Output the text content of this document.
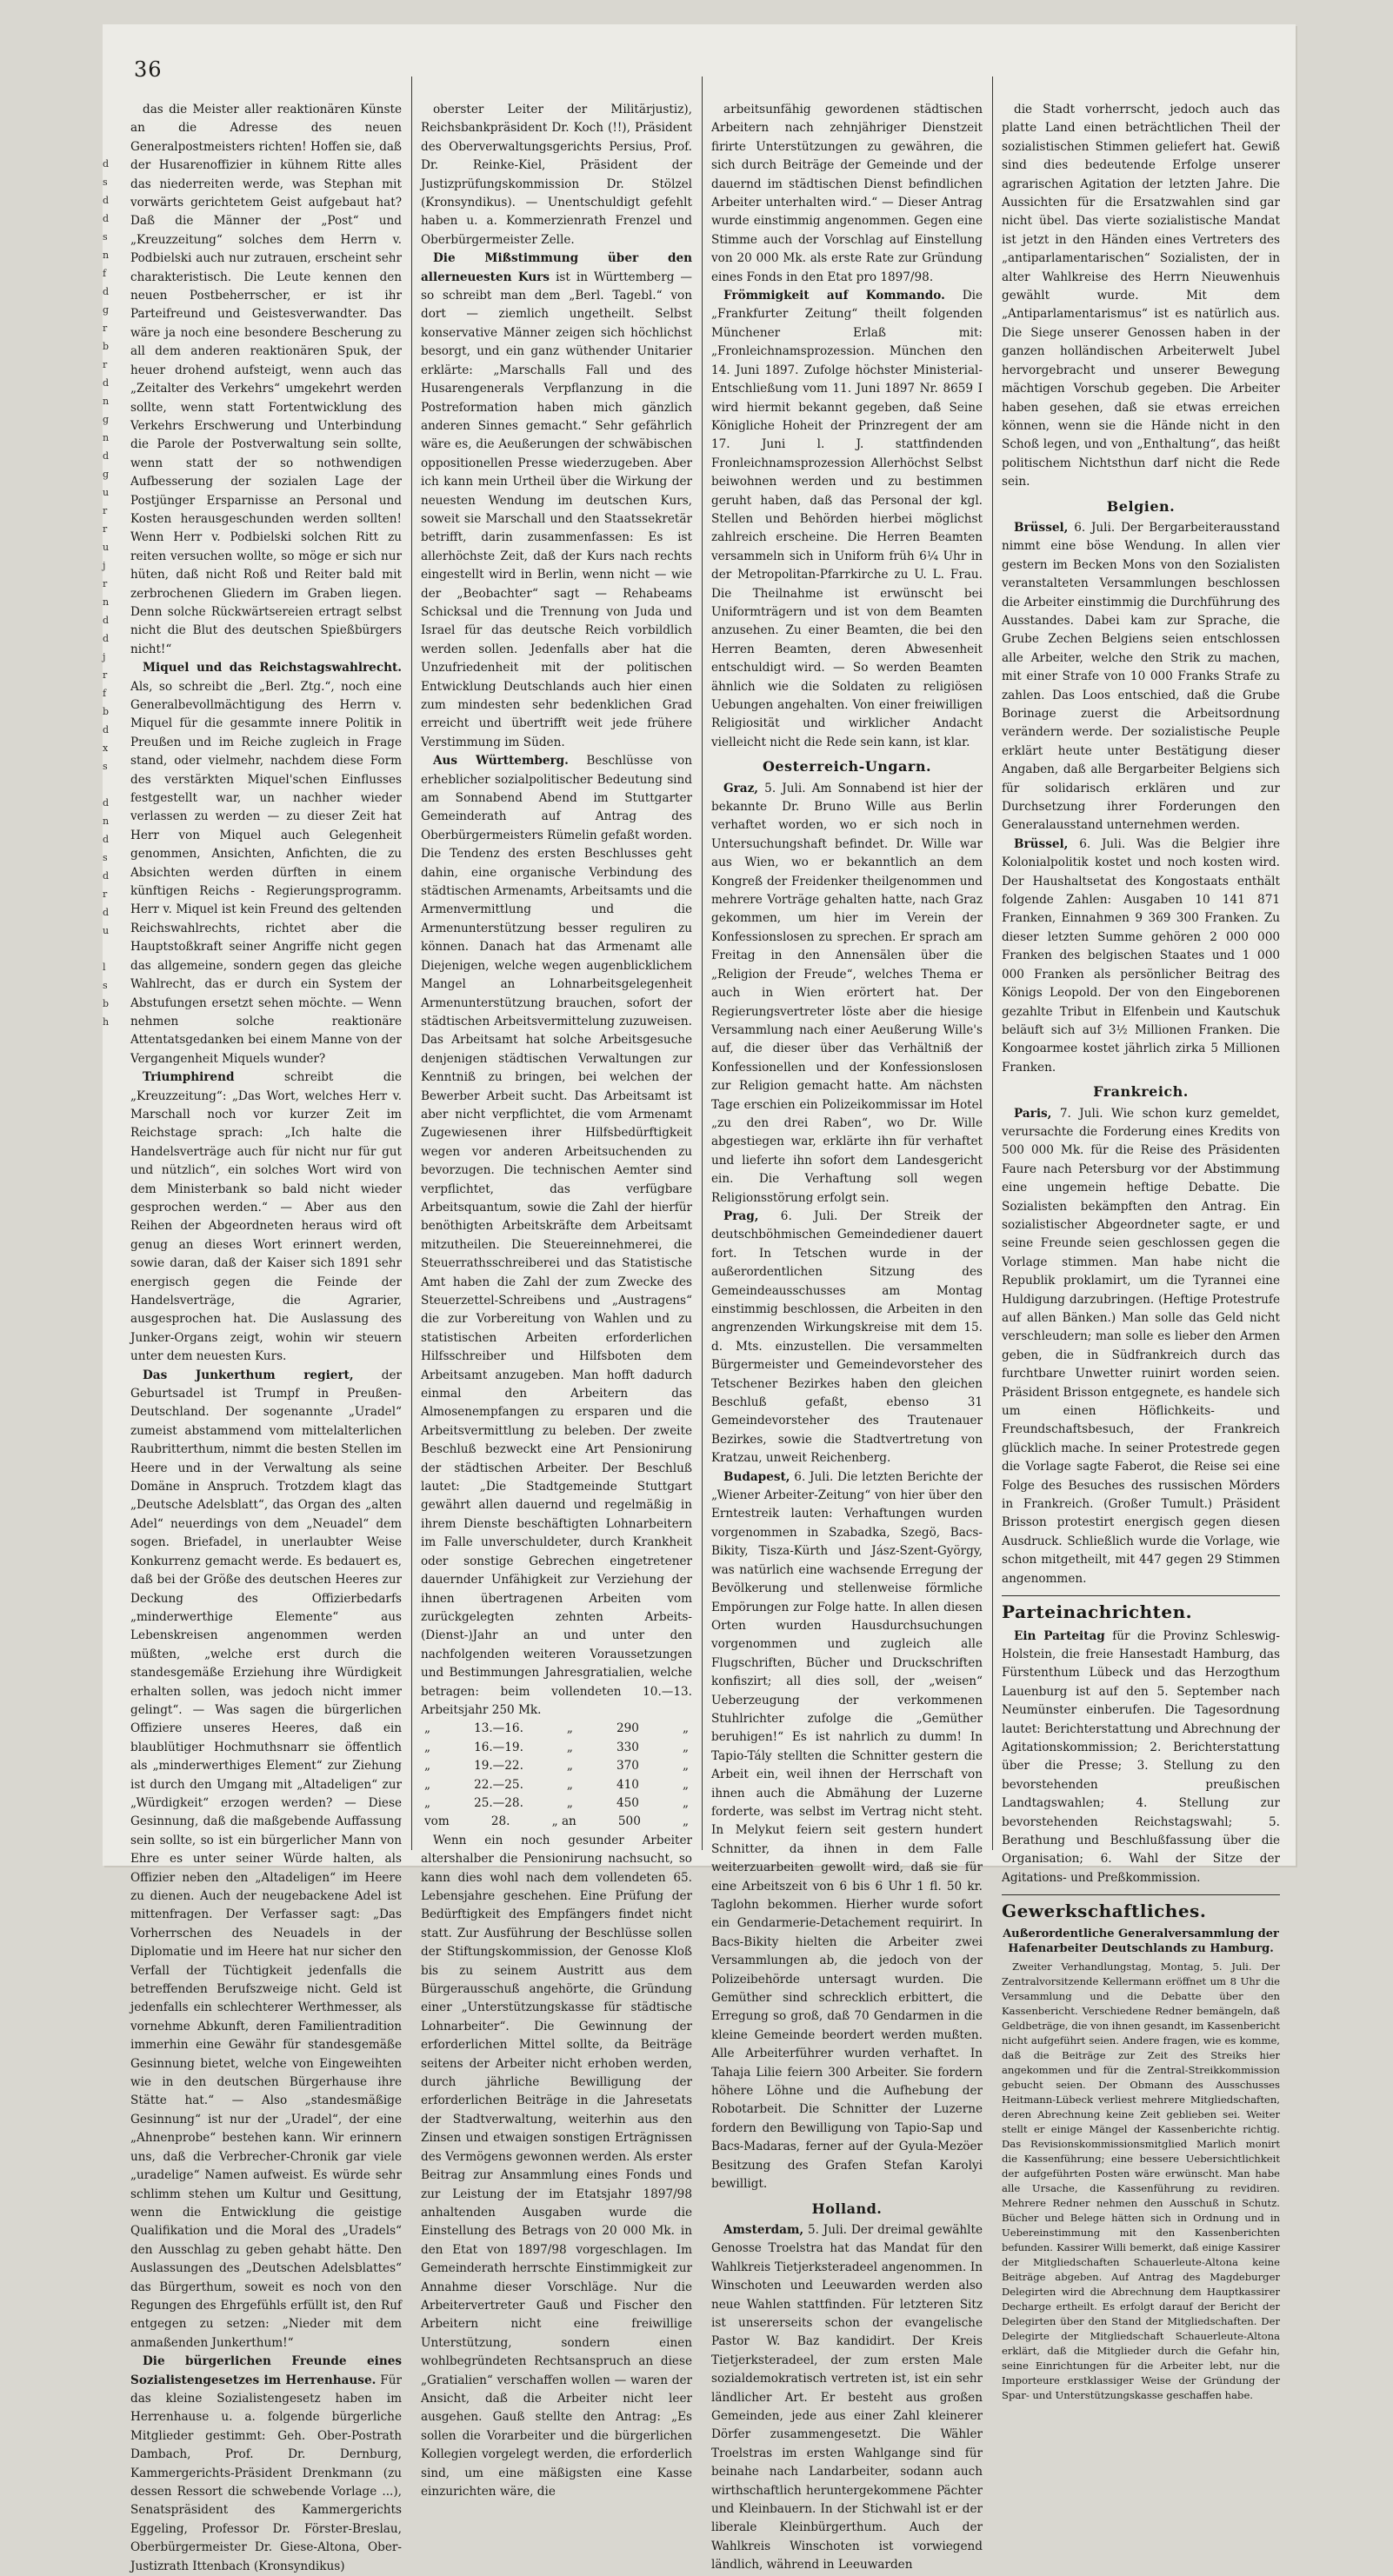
d
s
d
d
s
n
f
d
g
r
b
r
d
n
g
n
d
g
u
r
r
u
j
r
n
d
d
j
r
f
b
d
x
s

d
n
d
s
d
r
d
u

l
s
b
h
36

das die Meister aller reaktionären Künste an die Adresse des neuen Generalpostmeisters richten! Hoffen sie, daß der Husarenoffizier in kühnem Ritte alles das niederreiten werde, was Stephan mit vorwärts gerichtetem Geist aufgebaut hat? Daß die Männer der „Post“ und „Kreuzzeitung“ solches dem Herrn v. Podbielski auch nur zutrauen, erscheint sehr charakteristisch. Die Leute kennen den neuen Postbeherrscher, er ist ihr Parteifreund und Geistesverwandter. Das wäre ja noch eine besondere Bescherung zu all dem anderen reaktionären Spuk, der heuer drohend aufsteigt, wenn auch das „Zeitalter des Verkehrs“ umgekehrt werden sollte, wenn statt Fortentwicklung des Verkehrs Erschwerung und Unterbindung die Parole der Postverwaltung sein sollte, wenn statt der so nothwendigen Aufbesserung der sozialen Lage der Postjünger Ersparnisse an Personal und Kosten herausgeschunden werden sollten! Wenn Herr v. Podbielski solchen Ritt zu reiten versuchen wollte, so möge er sich nur hüten, daß nicht Roß und Reiter bald mit zerbrochenen Gliedern im Graben liegen. Denn solche Rückwärtsereien ertragt selbst nicht die Blut des deutschen Spießbürgers nicht!“

Miquel und das Reichstagswahlrecht. Als, so schreibt die „Berl. Ztg.“, noch eine Generalbevollmächtigung des Herrn v. Miquel für die gesammte innere Politik in Preußen und im Reiche zugleich in Frage stand, oder vielmehr, nachdem diese Form des verstärkten Miquel'schen Einflusses festgestellt war, un nachher wieder verlassen zu werden — zu dieser Zeit hat Herr von Miquel auch Gelegenheit genommen, Ansichten, Anfichten, die zu Absichten werden dürften in einem künftigen Reichs - Regierungsprogramm. Herr v. Miquel ist kein Freund des geltenden Reichswahlrechts, richtet aber die Hauptstoßkraft seiner Angriffe nicht gegen das allgemeine, sondern gegen das gleiche Wahlrecht, das er durch ein System der Abstufungen ersetzt sehen möchte. — Wenn nehmen solche reaktionäre Attentatsgedanken bei einem Manne von der Vergangenheit Miquels wunder?

Triumphirend schreibt die „Kreuzzeitung“: „Das Wort, welches Herr v. Marschall noch vor kurzer Zeit im Reichstage sprach: „Ich halte die Handelsverträge auch für nicht nur für gut und nützlich“, ein solches Wort wird von dem Ministerbank so bald nicht wieder gesprochen werden.“ — Aber aus den Reihen der Abgeordneten heraus wird oft genug an dieses Wort erinnert werden, sowie daran, daß der Kaiser sich 1891 sehr energisch gegen die Feinde der Handelsverträge, die Agrarier, ausgesprochen hat. Die Auslassung des Junker-Organs zeigt, wohin wir steuern unter dem neuesten Kurs.

Das Junkerthum regiert, der Geburtsadel ist Trumpf in Preußen-Deutschland. Der sogenannte „Uradel“ zumeist abstammend vom mittelalterlichen Raubritterthum, nimmt die besten Stellen im Heere und in der Verwaltung als seine Domäne in Anspruch. Trotzdem klagt das „Deutsche Adelsblatt“, das Organ des „alten Adel“ neuerdings von dem „Neuadel“ dem sogen. Briefadel, in unerlaubter Weise Konkurrenz gemacht werde. Es bedauert es, daß bei der Größe des deutschen Heeres zur Deckung des Offizierbedarfs „minderwerthige Elemente“ aus Lebenskreisen angenommen werden müßten, „welche erst durch die standesgemäße Erziehung ihre Würdigkeit erhalten sollen, was jedoch nicht immer gelingt“. — Was sagen die bürgerlichen Offiziere unseres Heeres, daß ein blaublütiger Hochmuthsnarr sie öffentlich als „minderwerthiges Element“ zur Ziehung ist durch den Umgang mit „Altadeligen“ zur „Würdigkeit“ erzogen werden? — Diese Gesinnung, daß die maßgebende Auffassung sein sollte, so ist ein bürgerlicher Mann von Ehre es unter seiner Würde halten, als Offizier neben den „Altadeligen“ im Heere zu dienen. Auch der neugebackene Adel ist mittenfragen. Der Verfasser sagt: „Das Vorherrschen des Neuadels in der Diplomatie und im Heere hat nur sicher den Verfall der Tüchtigkeit jedenfalls die betreffenden Berufszweige nicht. Geld ist jedenfalls ein schlechterer Werthmesser, als vornehme Abkunft, deren Familientradition immerhin eine Gewähr für standesgemäße Gesinnung bietet, welche von Eingeweihten wie in den deutschen Bürgerhause ihre Stätte hat.“ — Also „standesmäßige Gesinnung“ ist nur der „Uradel“, der eine „Ahnenprobe“ bestehen kann. Wir erinnern uns, daß die Verbrecher-Chronik gar viele „uradelige“ Namen aufweist. Es würde sehr schlimm stehen um Kultur und Gesittung, wenn die Entwicklung die geistige Qualifikation und die Moral des „Uradels“ den Ausschlag zu geben gehabt hätte. Den Auslassungen des „Deutschen Adelsblattes“ das Bürgerthum, soweit es noch von den Regungen des Ehrgefühls erfüllt ist, den Ruf entgegen zu setzen: „Nieder mit dem anmaßenden Junkerthum!“

Die bürgerlichen Freunde eines Sozialistengesetzes im Herrenhause. Für das kleine Sozialistengesetz haben im Herrenhause u. a. folgende bürgerliche Mitglieder gestimmt: Geh. Ober-Postrath Dambach, Prof. Dr. Dernburg, Kammergerichts-Präsident Drenkmann (zu dessen Ressort die schwebende Vorlage ...), Senatspräsident des Kammergerichts Eggeling, Professor Dr. Förster-Breslau, Oberbürgermeister Dr. Giese-Altona, Ober-Justizrath Ittenbach (Kronsyndikus)

oberster Leiter der Militärjustiz), Reichsbankpräsident Dr. Koch (!!), Präsident des Oberverwaltungsgerichts Persius, Prof. Dr. Reinke-Kiel, Präsident der Justizprüfungskommission Dr. Stölzel (Kronsyndikus). — Unentschuldigt gefehlt haben u. a. Kommerzienrath Frenzel und Oberbürgermeister Zelle.

Die Mißstimmung über den allerneuesten Kurs ist in Württemberg — so schreibt man dem „Berl. Tagebl.“ von dort — ziemlich ungetheilt. Selbst konservative Männer zeigen sich höchlichst besorgt, und ein ganz wüthender Unitarier erklärte: „Marschalls Fall und des Husarengenerals Verpflanzung in die Postreformation haben mich gänzlich anderen Sinnes gemacht.“ Sehr gefährlich wäre es, die Aeußerungen der schwäbischen oppositionellen Presse wiederzugeben. Aber ich kann mein Urtheil über die Wirkung der neuesten Wendung im deutschen Kurs, soweit sie Marschall und den Staatssekretär betrifft, darin zusammenfassen: Es ist allerhöchste Zeit, daß der Kurs nach rechts eingestellt wird in Berlin, wenn nicht — wie der „Beobachter“ sagt — Rehabeams Schicksal und die Trennung von Juda und Israel für das deutsche Reich vorbildlich werden sollen. Jedenfalls aber hat die Unzufriedenheit mit der politischen Entwicklung Deutschlands auch hier einen zum mindesten sehr bedenklichen Grad erreicht und übertrifft weit jede frühere Verstimmung im Süden.

Aus Württemberg. Beschlüsse von erheblicher sozialpolitischer Bedeutung sind am Sonnabend Abend im Stuttgarter Gemeinderath auf Antrag des Oberbürgermeisters Rümelin gefaßt worden. Die Tendenz des ersten Beschlusses geht dahin, eine organische Verbindung des städtischen Armenamts, Arbeitsamts und die Armenvermittlung und die Armenunterstützung besser reguliren zu können. Danach hat das Armenamt alle Diejenigen, welche wegen augenblicklichem Mangel an Lohnarbeitsgelegenheit Armenunterstützung brauchen, sofort der städtischen Arbeitsvermittelung zuzuweisen. Das Arbeitsamt hat solche Arbeitsgesuche denjenigen städtischen Verwaltungen zur Kenntniß zu bringen, bei welchen der Bewerber Arbeit sucht. Das Arbeitsamt ist aber nicht verpflichtet, die vom Armenamt Zugewiesenen ihrer Hilfsbedürftigkeit wegen vor anderen Arbeitsuchenden zu bevorzugen. Die technischen Aemter sind verpflichtet, das verfügbare Arbeitsquantum, sowie die Zahl der hierfür benöthigten Arbeitskräfte dem Arbeitsamt mitzutheilen. Die Steuereinnehmerei, die Steuerrathsschreiberei und das Statistische Amt haben die Zahl der zum Zwecke des Steuerzettel-Schreibens und „Austragens“ die zur Vorbereitung von Wahlen und zu statistischen Arbeiten erforderlichen Hilfsschreiber und Hilfsboten dem Arbeitsamt anzugeben. Man hofft dadurch einmal den Arbeitern das Almosenempfangen zu ersparen und die Arbeitsvermittlung zu beleben. Der zweite Beschluß bezweckt eine Art Pensionirung der städtischen Arbeiter. Der Beschluß lautet: „Die Stadtgemeinde Stuttgart gewährt allen dauernd und regelmäßig in ihrem Dienste beschäftigten Lohnarbeitern im Falle unverschuldeter, durch Krankheit oder sonstige Gebrechen eingetretener dauernder Unfähigkeit zur Verziehung der ihnen übertragenen Arbeiten vom zurückgelegten zehnten Arbeits-(Dienst-)Jahr an und unter den nachfolgenden weiteren Voraussetzungen und Bestimmungen Jahresgratialien, welche betragen: beim vollendeten 10.—13. Arbeitsjahr 250 Mk.

„	13.—16.	„	290	„
„	16.—19.	„	330	„
„	19.—22.	„	370	„
„	22.—25.	„	410	„
„	25.—28.	„	450	„
vom	28.	„ an	500	„

Wenn ein noch gesunder Arbeiter altershalber die Pensionirung nachsucht, so kann dies wohl nach dem vollendeten 65. Lebensjahre geschehen. Eine Prüfung der Bedürftigkeit des Empfängers findet nicht statt. Zur Ausführung der Beschlüsse sollen der Stiftungskommission, der Genosse Kloß bis zu seinem Austritt aus dem Bürgerausschuß angehörte, die Gründung einer „Unterstützungskasse für städtische Lohnarbeiter“. Die Gewinnung der erforderlichen Mittel sollte, da Beiträge seitens der Arbeiter nicht erhoben werden, durch jährliche Bewilligung der erforderlichen Beiträge in die Jahresetats der Stadtverwaltung, weiterhin aus den Zinsen und etwaigen sonstigen Erträgnissen des Vermögens gewonnen werden. Als erster Beitrag zur Ansammlung eines Fonds und zur Leistung der im Etatsjahr 1897/98 anhaltenden Ausgaben wurde die Einstellung des Betrags von 20 000 Mk. in den Etat von 1897/98 vorgeschlagen. Im Gemeinderath herrschte Einstimmigkeit zur Annahme dieser Vorschläge. Nur die Arbeitervertreter Gauß und Fischer den Arbeitern nicht eine freiwillige Unterstützung, sondern einen wohlbegründeten Rechtsanspruch an diese „Gratialien“ verschaffen wollen — waren der Ansicht, daß die Arbeiter nicht leer ausgehen. Gauß stellte den Antrag: „Es sollen die Vorarbeiter und die bürgerlichen Kollegien vorgelegt werden, die erforderlich sind, um eine mäßigsten eine Kasse einzurichten wäre, die

arbeitsunfähig gewordenen städtischen Arbeitern nach zehnjähriger Dienstzeit firirte Unterstützungen zu gewähren, die sich durch Beiträge der Gemeinde und der dauernd im städtischen Dienst befindlichen Arbeiter unterhalten wird.“ — Dieser Antrag wurde einstimmig angenommen. Gegen eine Stimme auch der Vorschlag auf Einstellung von 20 000 Mk. als erste Rate zur Gründung eines Fonds in den Etat pro 1897/98.

Frömmigkeit auf Kommando. Die „Frankfurter Zeitung“ theilt folgenden Münchener Erlaß mit: „Fronleichnamsprozession. München den 14. Juni 1897. Zufolge höchster Ministerial-Entschließung vom 11. Juni 1897 Nr. 8659 I wird hiermit bekannt gegeben, daß Seine Königliche Hoheit der Prinzregent der am 17. Juni l. J. stattfindenden Fronleichnamsprozession Allerhöchst Selbst beiwohnen werden und zu bestimmen geruht haben, daß das Personal der kgl. Stellen und Behörden hierbei möglichst zahlreich erscheine. Die Herren Beamten versammeln sich in Uniform früh 6¼ Uhr in der Metropolitan-Pfarrkirche zu U. L. Frau. Die Theilnahme ist erwünscht bei Uniformträgern und ist von dem Beamten anzusehen. Zu einer Beamten, die bei den Herren Beamten, deren Abwesenheit entschuldigt wird. — So werden Beamten ähnlich wie die Soldaten zu religiösen Uebungen angehalten. Von einer freiwilligen Religiosität und wirklicher Andacht vielleicht nicht die Rede sein kann, ist klar.

Oesterreich-Ungarn.

Graz, 5. Juli. Am Sonnabend ist hier der bekannte Dr. Bruno Wille aus Berlin verhaftet worden, wo er sich noch in Untersuchungshaft befindet. Dr. Wille war aus Wien, wo er bekanntlich an dem Kongreß der Freidenker theilgenommen und mehrere Vorträge gehalten hatte, nach Graz gekommen, um hier im Verein der Konfessionslosen zu sprechen. Er sprach am Freitag in den Annensälen über die „Religion der Freude“, welches Thema er auch in Wien erörtert hat. Der Regierungsvertreter löste aber die hiesige Versammlung nach einer Aeußerung Wille's auf, die dieser über das Verhältniß der Konfessionellen und der Konfessionslosen zur Religion gemacht hatte. Am nächsten Tage erschien ein Polizeikommissar im Hotel „zu den drei Raben“, wo Dr. Wille abgestiegen war, erklärte ihn für verhaftet und lieferte ihn sofort dem Landesgericht ein. Die Verhaftung soll wegen Religionsstörung erfolgt sein.

Prag, 6. Juli. Der Streik der deutschböhmischen Gemeindediener dauert fort. In Tetschen wurde in der außerordentlichen Sitzung des Gemeindeausschusses am Montag einstimmig beschlossen, die Arbeiten in den angrenzenden Wirkungskreise mit dem 15. d. Mts. einzustellen. Die versammelten Bürgermeister und Gemeindevorsteher des Tetschener Bezirkes haben den gleichen Beschluß gefaßt, ebenso 31 Gemeindevorsteher des Trautenauer Bezirkes, sowie die Stadtvertretung von Kratzau, unweit Reichenberg.

Budapest, 6. Juli. Die letzten Berichte der „Wiener Arbeiter-Zeitung“ von hier über den Erntestreik lauten: Verhaftungen wurden vorgenommen in Szabadka, Szegö, Bacs-Bikity, Tisza-Kürth und Jász-Szent-György, was natürlich eine wachsende Erregung der Bevölkerung und stellenweise förmliche Empörungen zur Folge hatte. In allen diesen Orten wurden Hausdurchsuchungen vorgenommen und zugleich alle Flugschriften, Bücher und Druckschriften konfiszirt; all dies soll, der „weisen“ Ueberzeugung der verkommenen Stuhlrichter zufolge die „Gemüther beruhigen!“ Es ist nahrlich zu dumm! In Tapio-Tály stellten die Schnitter gestern die Arbeit ein, weil ihnen der Herrschaft von ihnen auch die Abmähung der Luzerne forderte, was selbst im Vertrag nicht steht. In Melykut feiern seit gestern hundert Schnitter, da ihnen in dem Falle weiterzuarbeiten gewollt wird, daß sie für eine Arbeitszeit von 6 bis 6 Uhr 1 fl. 50 kr. Taglohn bekommen. Hierher wurde sofort ein Gendarmerie-Detachement requirirt. In Bacs-Bikity hielten die Arbeiter zwei Versammlungen ab, die jedoch von der Polizeibehörde untersagt wurden. Die Gemüther sind schrecklich erbittert, die Erregung so groß, daß 70 Gendarmen in die kleine Gemeinde beordert werden mußten. Alle Arbeiterführer wurden verhaftet. In Tahaja Lilie feiern 300 Arbeiter. Sie fordern höhere Löhne und die Aufhebung der Robotarbeit. Die Schnitter der Luzerne fordern den Bewilligung von Tapio-Sap und Bacs-Madaras, ferner auf der Gyula-Mezöer Besitzung des Grafen Stefan Karolyi bewilligt.

Holland.

Amsterdam, 5. Juli. Der dreimal gewählte Genosse Troelstra hat das Mandat für den Wahlkreis Tietjerksteradeel angenommen. In Winschoten und Leeuwarden werden also neue Wahlen stattfinden. Für letzteren Sitz ist unsererseits schon der evangelische Pastor W. Baz kandidirt. Der Kreis Tietjerksteradeel, der zum ersten Male sozialdemokratisch vertreten ist, ist ein sehr ländlicher Art. Er besteht aus großen Gemeinden, jede aus einer Zahl kleinerer Dörfer zusammengesetzt. Die Wähler Troelstras im ersten Wahlgange sind für beinahe nach Landarbeiter, sodann auch wirthschaftlich heruntergekommene Pächter und Kleinbauern. In der Stichwahl ist er der liberale Kleinbürgerthum. Auch der Wahlkreis Winschoten ist vorwiegend ländlich, während in Leeuwarden

die Stadt vorherrscht, jedoch auch das platte Land einen beträchtlichen Theil der sozialistischen Stimmen geliefert hat. Gewiß sind dies bedeutende Erfolge unserer agrarischen Agitation der letzten Jahre. Die Aussichten für die Ersatzwahlen sind gar nicht übel. Das vierte sozialistische Mandat ist jetzt in den Händen eines Vertreters des „antiparlamentarischen“ Sozialisten, der in alter Wahlkreise des Herrn Nieuwenhuis gewählt wurde. Mit dem „Antiparlamentarismus“ ist es natürlich aus. Die Siege unserer Genossen haben in der ganzen holländischen Arbeiterwelt Jubel hervorgebracht und unserer Bewegung mächtigen Vorschub gegeben. Die Arbeiter haben gesehen, daß sie etwas erreichen können, wenn sie die Hände nicht in den Schoß legen, und von „Enthaltung“, das heißt politischem Nichtsthun darf nicht die Rede sein.

Belgien.

Brüssel, 6. Juli. Der Bergarbeiterausstand nimmt eine böse Wendung. In allen vier gestern im Becken Mons von den Sozialisten veranstalteten Versammlungen beschlossen die Arbeiter einstimmig die Durchführung des Ausstandes. Dabei kam zur Sprache, die Grube Zechen Belgiens seien entschlossen alle Arbeiter, welche den Strik zu machen, mit einer Strafe von 10 000 Franks Strafe zu zahlen. Das Loos entschied, daß die Grube Borinage zuerst die Arbeitsordnung verändern werde. Der sozialistische Peuple erklärt heute unter Bestätigung dieser Angaben, daß alle Bergarbeiter Belgiens sich für solidarisch erklären und zur Durchsetzung ihrer Forderungen den Generalausstand unternehmen werden.

Brüssel, 6. Juli. Was die Belgier ihre Kolonialpolitik kostet und noch kosten wird. Der Haushaltsetat des Kongostaats enthält folgende Zahlen: Ausgaben 10 141 871 Franken, Einnahmen 9 369 300 Franken. Zu dieser letzten Summe gehören 2 000 000 Franken des belgischen Staates und 1 000 000 Franken als persönlicher Beitrag des Königs Leopold. Der von den Eingeborenen gezahlte Tribut in Elfenbein und Kautschuk beläuft sich auf 3½ Millionen Franken. Die Kongoarmee kostet jährlich zirka 5 Millionen Franken.

Frankreich.

Paris, 7. Juli. Wie schon kurz gemeldet, verursachte die Forderung eines Kredits von 500 000 Mk. für die Reise des Präsidenten Faure nach Petersburg vor der Abstimmung eine ungemein heftige Debatte. Die Sozialisten bekämpften den Antrag. Ein sozialistischer Abgeordneter sagte, er und seine Freunde seien geschlossen gegen die Vorlage stimmen. Man habe nicht die Republik proklamirt, um die Tyrannei eine Huldigung darzubringen. (Heftige Protestrufe auf allen Bänken.) Man solle das Geld nicht verschleudern; man solle es lieber den Armen geben, die in Südfrankreich durch das furchtbare Unwetter ruinirt worden seien. Präsident Brisson entgegnete, es handele sich um einen Höflichkeits- und Freundschaftsbesuch, der Frankreich glücklich mache. In seiner Protestrede gegen die Vorlage sagte Faberot, die Reise sei eine Folge des Besuches des russischen Mörders in Frankreich. (Großer Tumult.) Präsident Brisson protestirt energisch gegen diesen Ausdruck. Schließlich wurde die Vorlage, wie schon mitgetheilt, mit 447 gegen 29 Stimmen angenommen.

Parteinachrichten.

Ein Parteitag für die Provinz Schleswig-Holstein, die freie Hansestadt Hamburg, das Fürstenthum Lübeck und das Herzogthum Lauenburg ist auf den 5. September nach Neumünster einberufen. Die Tagesordnung lautet: Berichterstattung und Abrechnung der Agitationskommission; 2. Berichterstattung über die Presse; 3. Stellung zu den bevorstehenden preußischen Landtagswahlen; 4. Stellung zur bevorstehenden Reichstagswahl; 5. Berathung und Beschlußfassung über die Organisation; 6. Wahl der Sitze der Agitations- und Preßkommission.

Gewerkschaftliches.
Außerordentliche Generalversammlung der Hafenarbeiter Deutschlands zu Hamburg.

Zweiter Verhandlungstag, Montag, 5. Juli. Der Zentralvorsitzende Kellermann eröffnet um 8 Uhr die Versammlung und die Debatte über den Kassenbericht. Verschiedene Redner bemängeln, daß Geldbeträge, die von ihnen gesandt, im Kassenbericht nicht aufgeführt seien. Andere fragen, wie es komme, daß die Beiträge zur Zeit des Streiks hier angekommen und für die Zentral-Streikkommission gebucht seien. Der Obmann des Ausschusses Heitmann-Lübeck verliest mehrere Mitgliedschaften, deren Abrechnung keine Zeit geblieben sei. Weiter stellt er einige Mängel der Kassenberichte richtig. Das Revisionskommissionsmitglied Marlich monirt die Kassenführung; eine bessere Uebersichtlichkeit der aufgeführten Posten wäre erwünscht. Man habe alle Ursache, die Kassenführung zu revidiren. Mehrere Redner nehmen den Ausschuß in Schutz. Bücher und Belege hätten sich in Ordnung und in Uebereinstimmung mit den Kassenberichten befunden. Kassirer Willi bemerkt, daß einige Kassirer der Mitgliedschaften Schauerleute-Altona keine Beiträge abgeben. Auf Antrag des Magdeburger Delegirten wird die Abrechnung dem Hauptkassirer Decharge ertheilt. Es erfolgt darauf der Bericht der Delegirten über den Stand der Mitgliedschaften. Der Delegirte der Mitgliedschaft Schauerleute-Altona erklärt, daß die Mitglieder durch die Gefahr hin, seine Einrichtungen für die Arbeiter lebt, nur die Importeure erstklassiger Weise der Gründung der Spar- und Unterstützungskasse geschaffen habe.
